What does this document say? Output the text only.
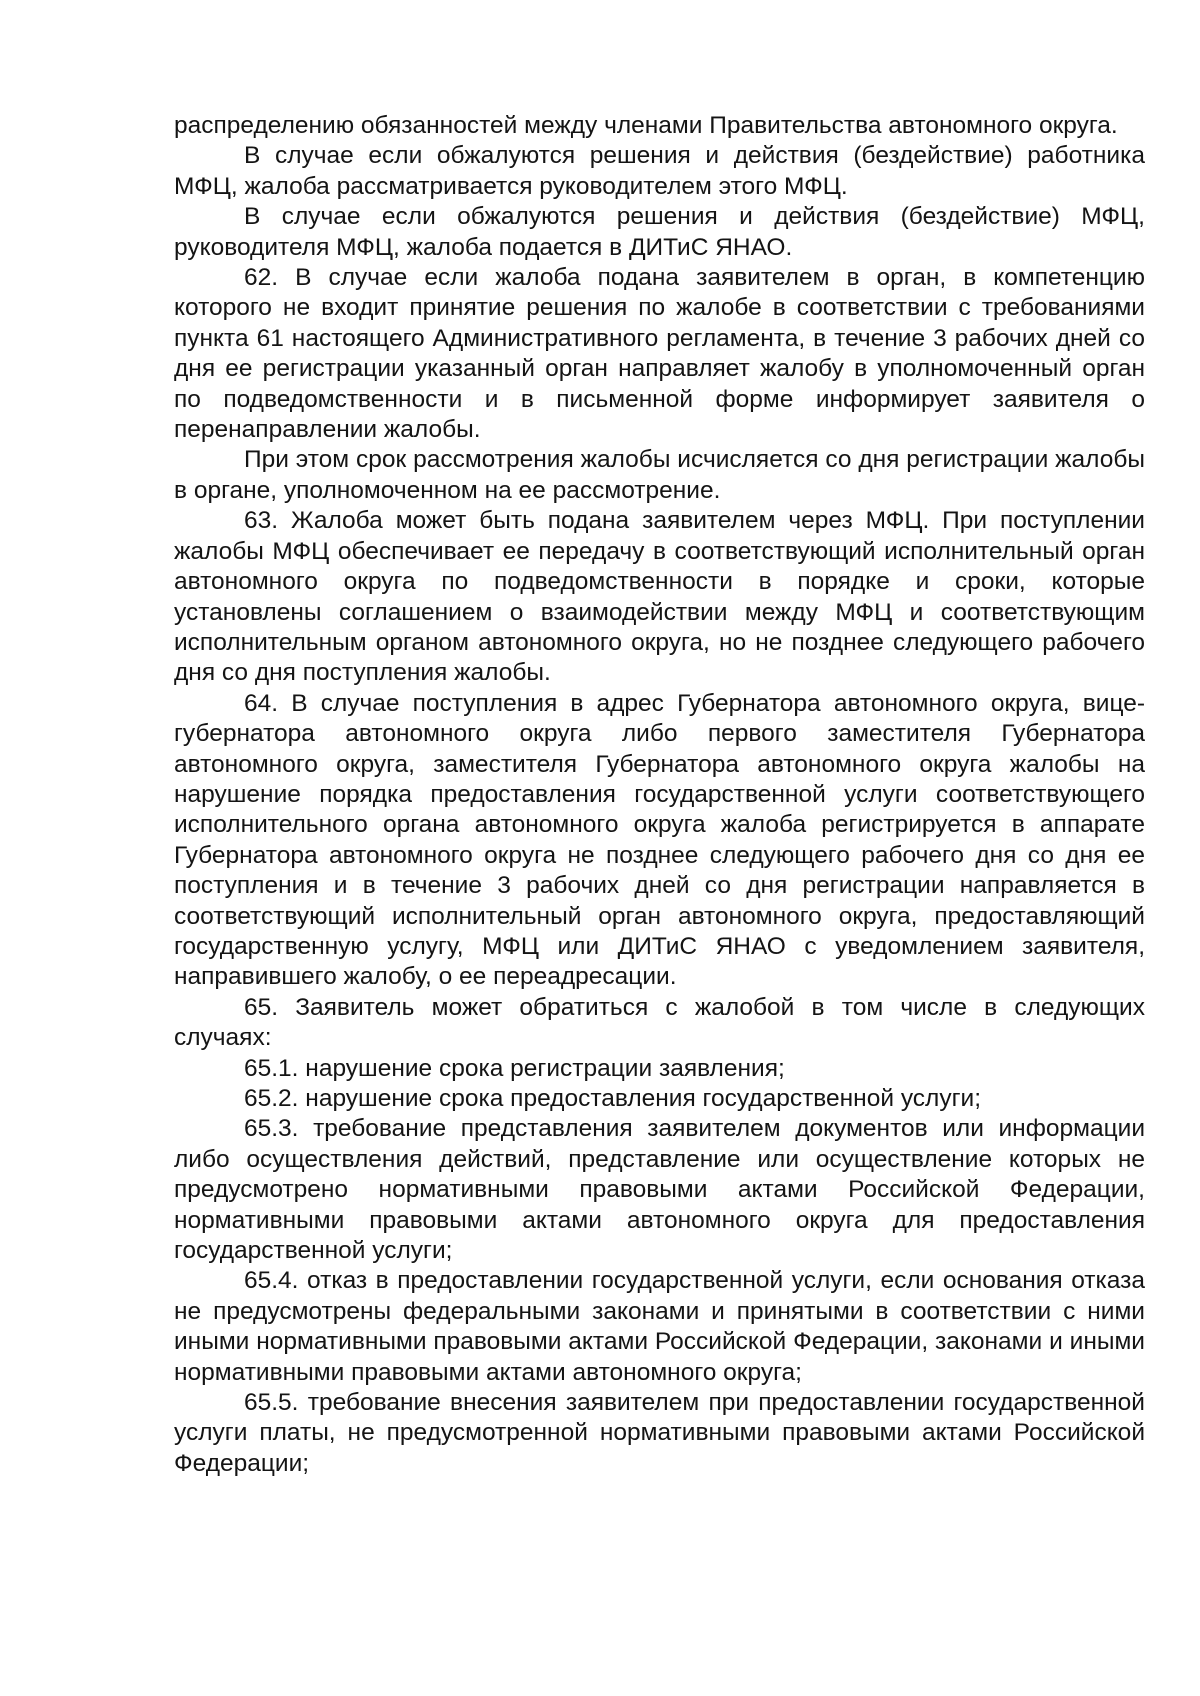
распределению обязанностей между членами Правительства автономного округа.

В случае если обжалуются решения и действия (бездействие) работника МФЦ, жалоба рассматривается руководителем этого МФЦ.

В случае если обжалуются решения и действия (бездействие) МФЦ, руководителя МФЦ, жалоба подается в ДИТиС ЯНАО.

62. В случае если жалоба подана заявителем в орган, в компетенцию которого не входит принятие решения по жалобе в соответствии с требованиями пункта 61 настоящего Административного регламента, в течение 3 рабочих дней со дня ее регистрации указанный орган направляет жалобу в уполномоченный орган по подведомственности и в письменной форме информирует заявителя о перенаправлении жалобы.

При этом срок рассмотрения жалобы исчисляется со дня регистрации жалобы в органе, уполномоченном на ее рассмотрение.

63. Жалоба может быть подана заявителем через МФЦ. При поступлении жалобы МФЦ обеспечивает ее передачу в соответствующий исполнительный орган автономного округа по подведомственности в порядке и сроки, которые установлены соглашением о взаимодействии между МФЦ и соответствующим исполнительным органом автономного округа, но не позднее следующего рабочего дня со дня поступления жалобы.

64. В случае поступления в адрес Губернатора автономного округа, вице-губернатора автономного округа либо первого заместителя Губернатора автономного округа, заместителя Губернатора автономного округа жалобы на нарушение порядка предоставления государственной услуги соответствующего исполнительного органа автономного округа жалоба регистрируется в аппарате Губернатора автономного округа не позднее следующего рабочего дня со дня ее поступления и в течение 3 рабочих дней со дня регистрации направляется в соответствующий исполнительный орган автономного округа, предоставляющий государственную услугу, МФЦ или ДИТиС ЯНАО с уведомлением заявителя, направившего жалобу, о ее переадресации.

65. Заявитель может обратиться с жалобой в том числе в следующих случаях:

65.1. нарушение срока регистрации заявления;

65.2. нарушение срока предоставления государственной услуги;

65.3. требование представления заявителем документов или информации либо осуществления действий, представление или осуществление которых не предусмотрено нормативными правовыми актами Российской Федерации, нормативными правовыми актами автономного округа для предоставления государственной услуги;

65.4. отказ в предоставлении государственной услуги, если основания отказа не предусмотрены федеральными законами и принятыми в соответствии с ними иными нормативными правовыми актами Российской Федерации, законами и иными нормативными правовыми актами автономного округа;

65.5. требование внесения заявителем при предоставлении государственной услуги платы, не предусмотренной нормативными правовыми актами Российской Федерации;
